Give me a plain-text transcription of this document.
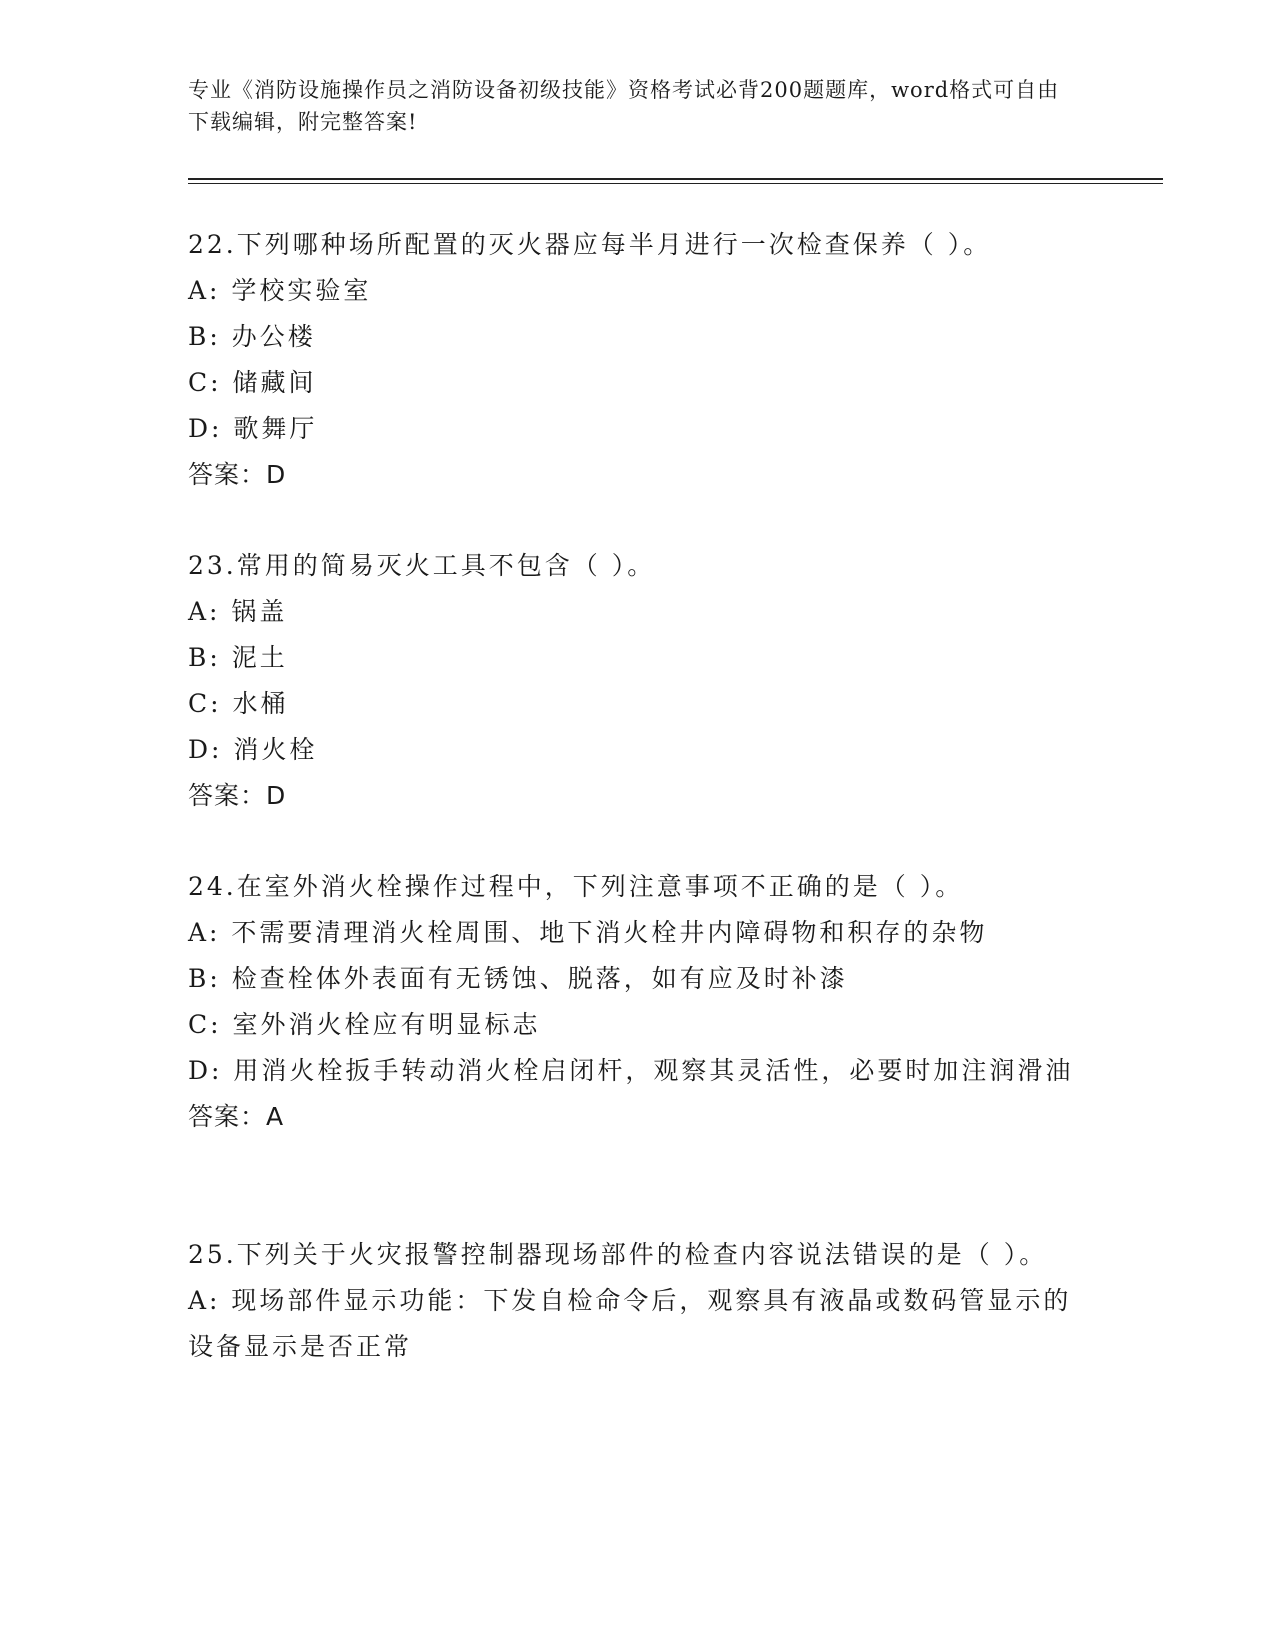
专业《消防设施操作员之消防设备初级技能》资格考试必背200题题库，word格式可自由下载编辑，附完整答案!

22.下列哪种场所配置的灭火器应每半月进行一次检查保养（ ）。

A: 学校实验室

B: 办公楼

C: 储藏间

D: 歌舞厅

答案：D

23.常用的简易灭火工具不包含（ ）。

A: 锅盖

B: 泥土

C: 水桶

D: 消火栓

答案：D

24.在室外消火栓操作过程中，下列注意事项不正确的是（ ）。

A: 不需要清理消火栓周围、地下消火栓井内障碍物和积存的杂物

B: 检查栓体外表面有无锈蚀、脱落，如有应及时补漆

C: 室外消火栓应有明显标志

D: 用消火栓扳手转动消火栓启闭杆，观察其灵活性，必要时加注润滑油

答案：A

25.下列关于火灾报警控制器现场部件的检查内容说法错误的是（ ）。

A: 现场部件显示功能：下发自检命令后，观察具有液晶或数码管显示的设备显示是否正常
